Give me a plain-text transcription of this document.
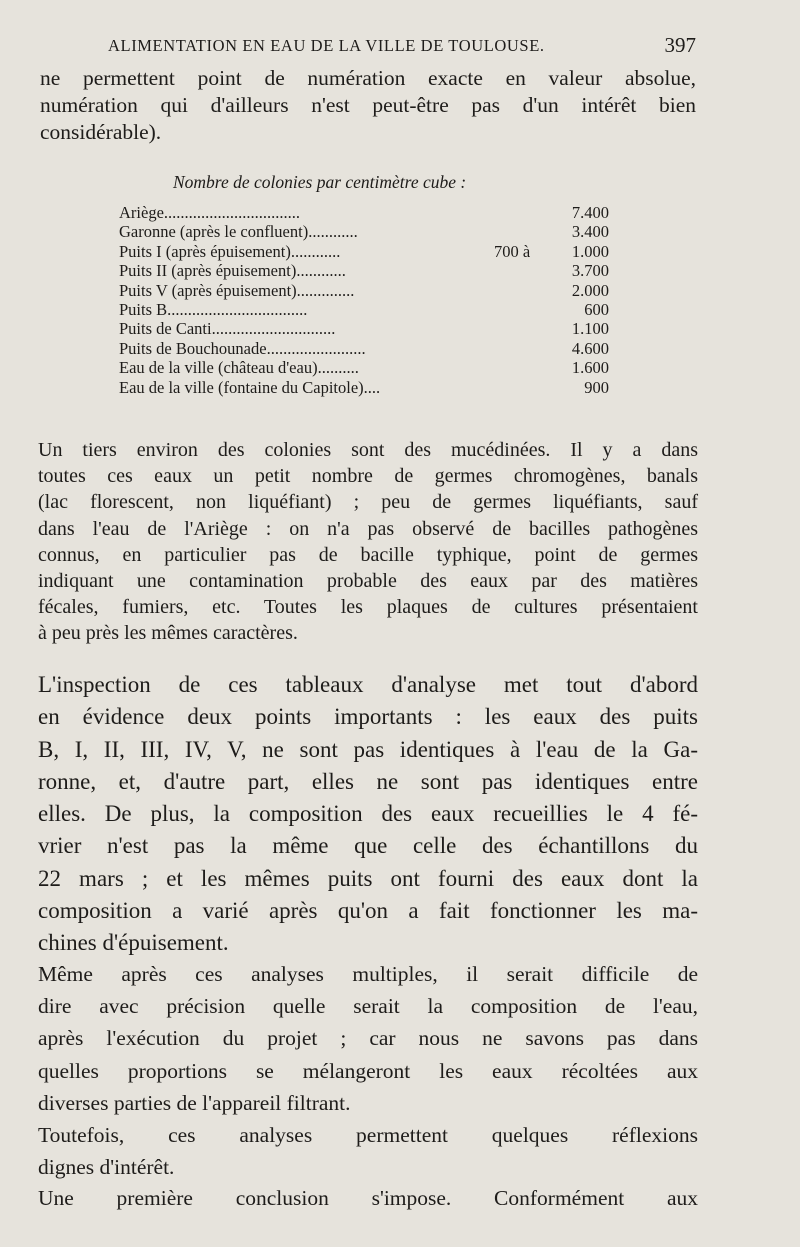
ALIMENTATION EN EAU DE LA VILLE DE TOULOUSE.	397

ne permettent point de numération exacte en valeur absolue,
numération qui d'ailleurs n'est peut-être pas d'un intérêt bien
considérable).

Nombre de colonies par centimètre cube :
Ariège.................................	7.400
Garonne (après le confluent)............	3.400
Puits I (après épuisement)............	700 à	1.000
Puits II (après épuisement)............	3.700
Puits V (après épuisement)..............	2.000
Puits B..................................	600
Puits de Canti..............................	1.100
Puits de Bouchounade........................	4.600
Eau de la ville (château d'eau)..........	1.600
Eau de la ville (fontaine du Capitole)....	900

Un tiers environ des colonies sont des mucédinées. Il y a dans
toutes ces eaux un petit nombre de germes chromogènes, banals
(lac florescent, non liquéfiant) ; peu de germes liquéfiants, sauf
dans l'eau de l'Ariège : on n'a pas observé de bacilles pathogènes
connus, en particulier pas de bacille typhique, point de germes
indiquant une contamination probable des eaux par des matières
fécales, fumiers, etc. Toutes les plaques de cultures présentaient
à peu près les mêmes caractères.

L'inspection de ces tableaux d'analyse met tout d'abord
en évidence deux points importants : les eaux des puits
B, I, II, III, IV, V, ne sont pas identiques à l'eau de la Ga-
ronne, et, d'autre part, elles ne sont pas identiques entre
elles. De plus, la composition des eaux recueillies le 4 fé-
vrier n'est pas la même que celle des échantillons du
22 mars ; et les mêmes puits ont fourni des eaux dont la
composition a varié après qu'on a fait fonctionner les ma-
chines d'épuisement.

Même après ces analyses multiples, il serait difficile de
dire avec précision quelle serait la composition de l'eau,
après l'exécution du projet ; car nous ne savons pas dans
quelles proportions se mélangeront les eaux récoltées aux
diverses parties de l'appareil filtrant.

Toutefois, ces analyses permettent quelques réflexions
dignes d'intérêt.

Une première conclusion s'impose. Conformément aux
